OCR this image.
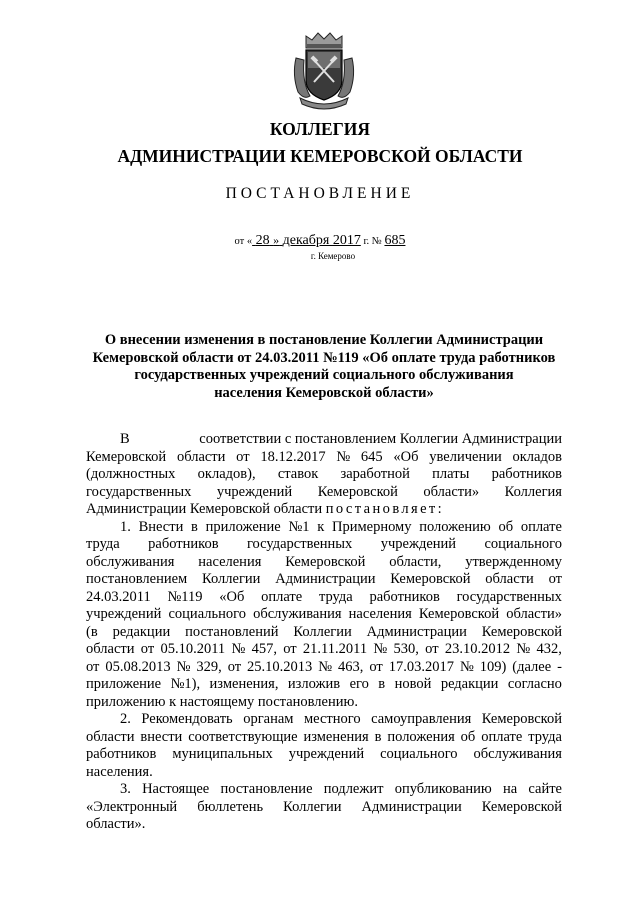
КОЛЛЕГИЯ
АДМИНИСТРАЦИИ КЕМЕРОВСКОЙ ОБЛАСТИ
ПОСТАНОВЛЕНИЕ
от « 28 » декабря 2017 г. № 685
г. Кемерово
О внесении изменения в постановление Коллегии Администрации
Кемеровской области от 24.03.2011 №119 «Об оплате труда работников
государственных учреждений социального обслуживания
населения Кемеровской области»
В	соответствии с постановлением Коллегии Администрации
Кемеровской области от 18.12.2017 № 645 «Об увеличении окладов
(должностных окладов), ставок заработной платы работников
государственных учреждений Кемеровской области» Коллегия
Администрации Кемеровской области постановляет:
1. Внести в приложение №1 к Примерному положению об оплате
труда работников государственных учреждений социального
обслуживания населения Кемеровской области, утвержденному
постановлением Коллегии Администрации Кемеровской области от
24.03.2011 №119 «Об оплате труда работников государственных
учреждений социального обслуживания населения Кемеровской области»
(в редакции постановлений Коллегии Администрации Кемеровской
области от 05.10.2011 № 457, от 21.11.2011 № 530, от 23.10.2012 № 432,
от 05.08.2013 № 329, от 25.10.2013 № 463, от 17.03.2017 № 109) (далее -
приложение №1), изменения, изложив его в новой редакции согласно
приложению к настоящему постановлению.
2. Рекомендовать органам местного самоуправления Кемеровской
области внести соответствующие изменения в положения об оплате труда
работников муниципальных учреждений социального обслуживания
населения.
3. Настоящее постановление подлежит опубликованию на сайте
«Электронный бюллетень Коллегии Администрации Кемеровской
области».
